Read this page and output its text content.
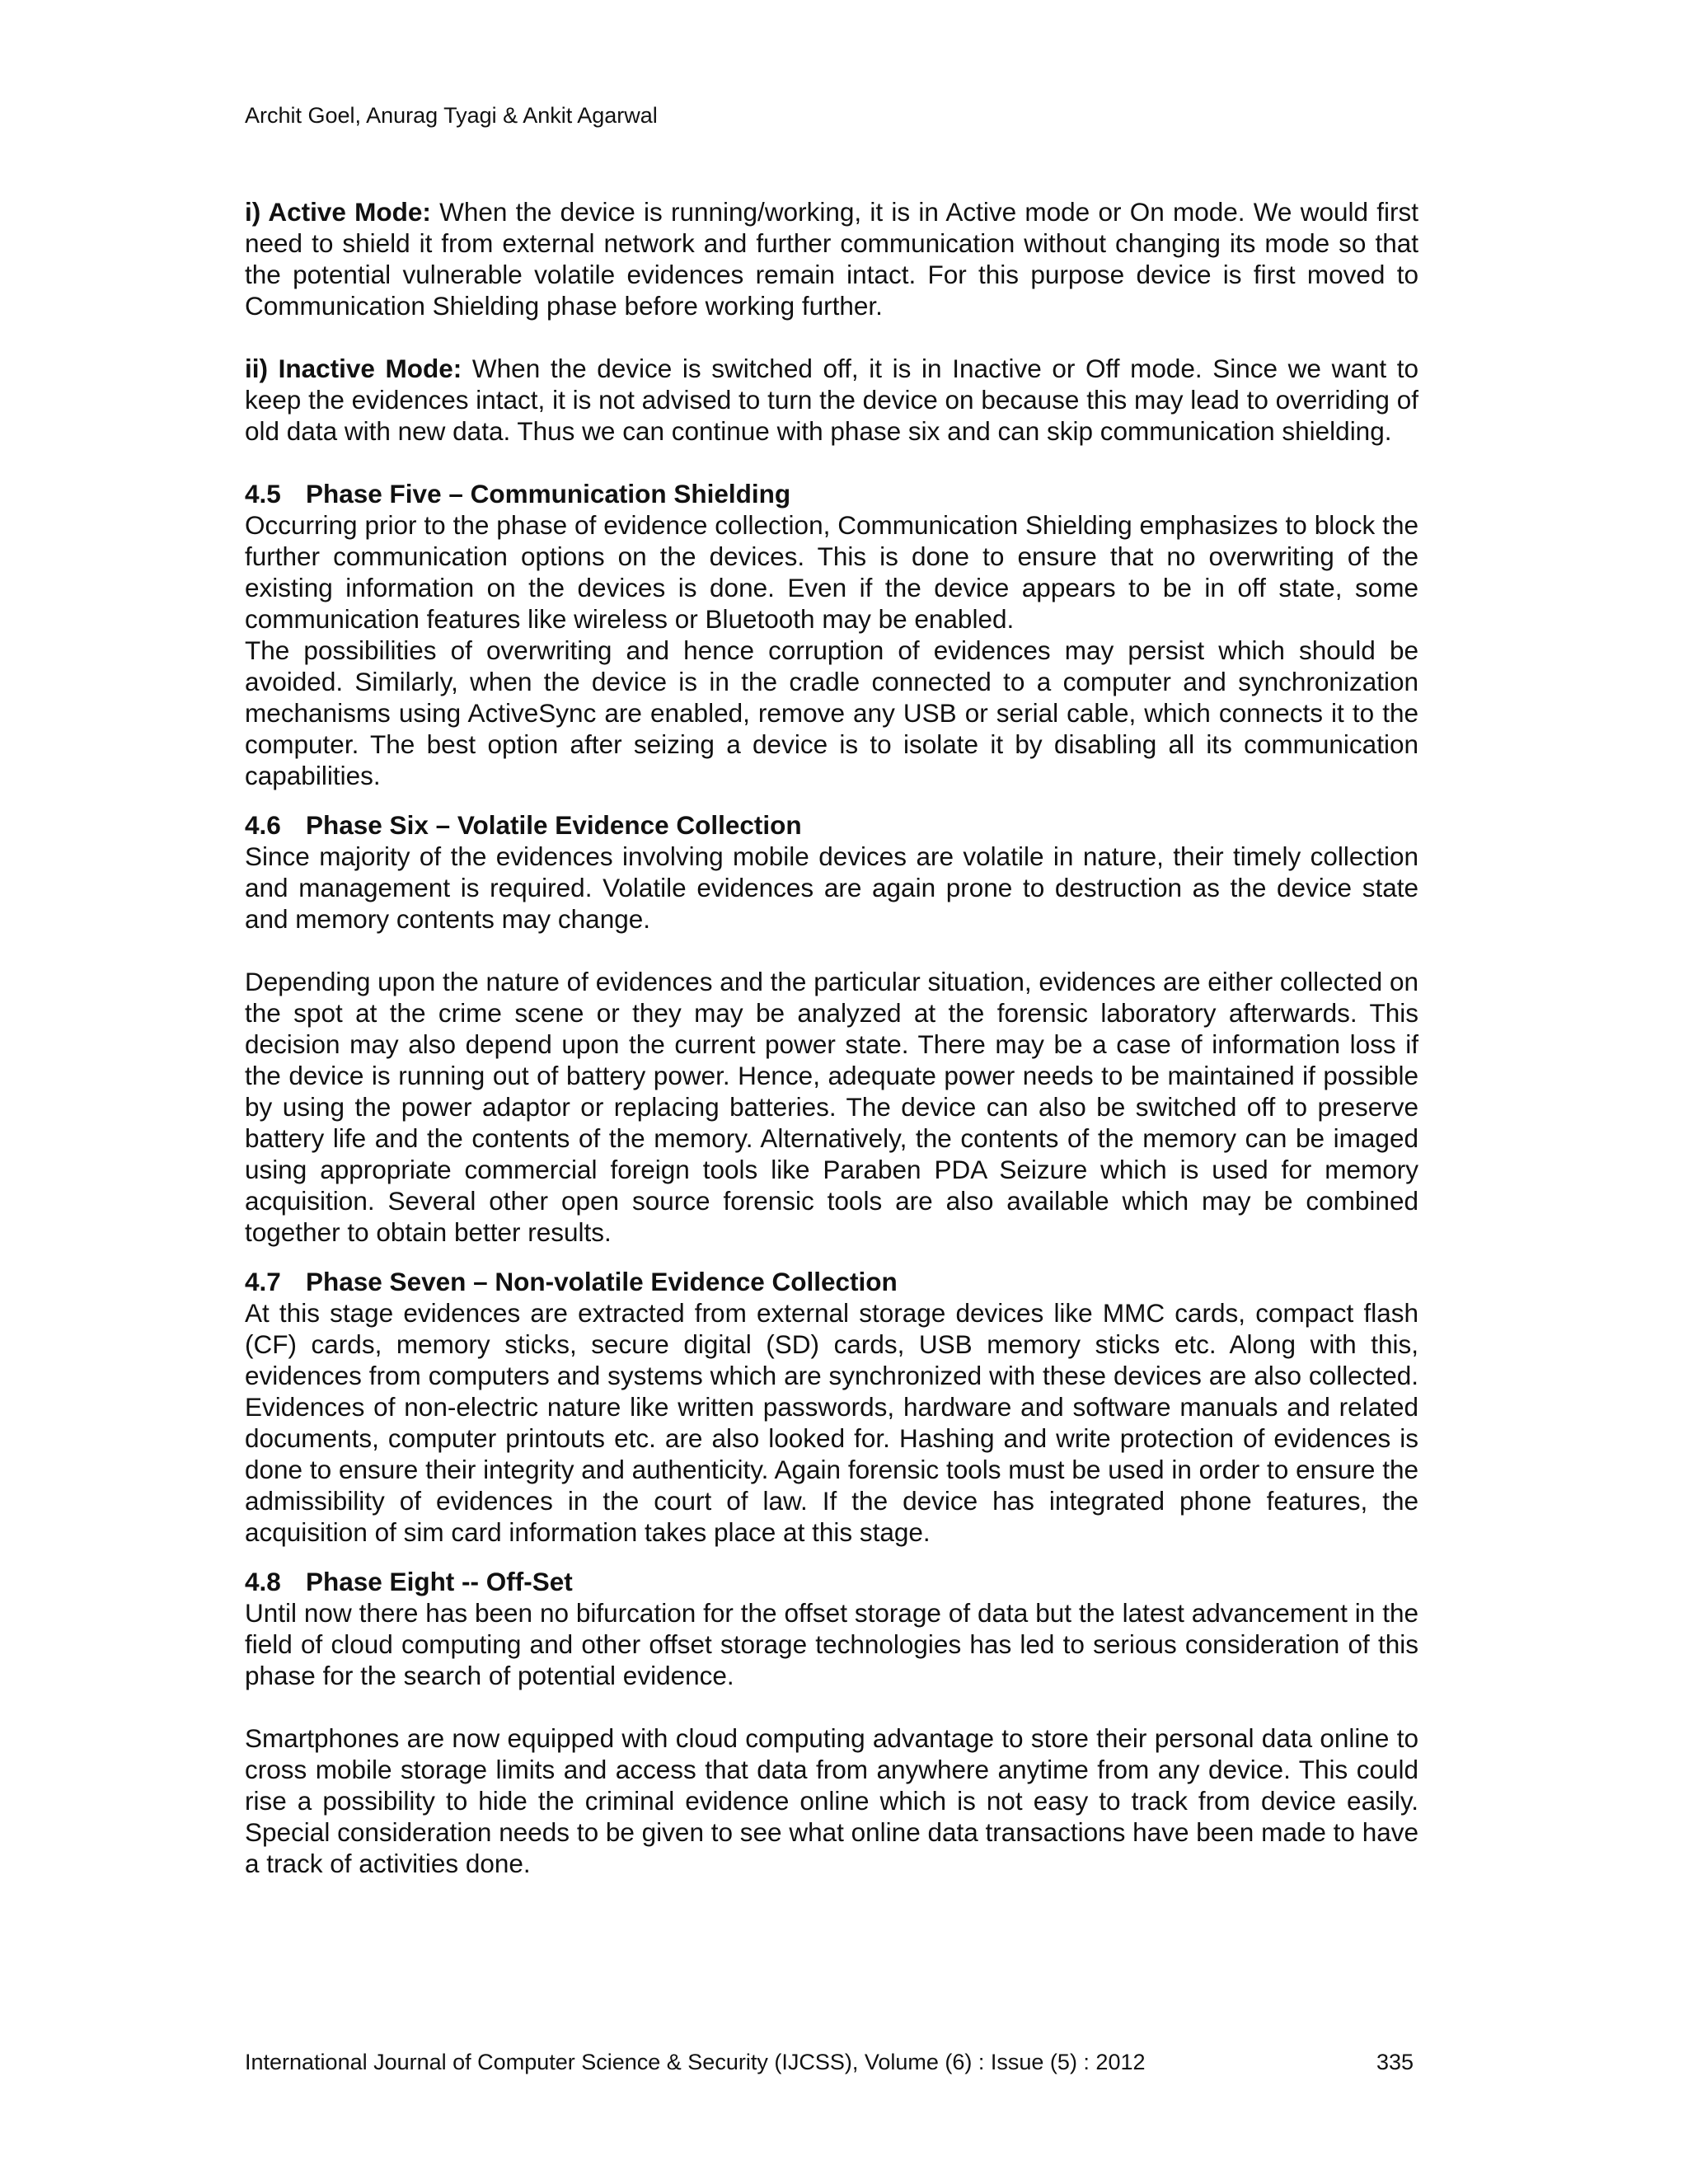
Archit Goel, Anurag Tyagi & Ankit Agarwal

i) Active Mode: When the device is running/working, it is in Active mode or On mode. We would first need to shield it from external network and further communication without changing its mode so that the potential vulnerable volatile evidences remain intact. For this purpose device is first moved to Communication Shielding phase before working further.

ii) Inactive Mode: When the device is switched off, it is in Inactive or Off mode. Since we want to keep the evidences intact, it is not advised to turn the device on because this may lead to overriding of old data with new data. Thus we can continue with phase six and can skip communication shielding.

4.5 Phase Five – Communication Shielding

Occurring prior to the phase of evidence collection, Communication Shielding emphasizes to block the further communication options on the devices. This is done to ensure that no overwriting of the existing information on the devices is done. Even if the device appears to be in off state, some communication features like wireless or Bluetooth may be enabled.

The possibilities of overwriting and hence corruption of evidences may persist which should be avoided. Similarly, when the device is in the cradle connected to a computer and synchronization mechanisms using ActiveSync are enabled, remove any USB or serial cable, which connects it to the computer. The best option after seizing a device is to isolate it by disabling all its communication capabilities.

4.6 Phase Six – Volatile Evidence Collection

Since majority of the evidences involving mobile devices are volatile in nature, their timely collection and management is required. Volatile evidences are again prone to destruction as the device state and memory contents may change.

Depending upon the nature of evidences and the particular situation, evidences are either collected on the spot at the crime scene or they may be analyzed at the forensic laboratory afterwards. This decision may also depend upon the current power state. There may be a case of information loss if the device is running out of battery power. Hence, adequate power needs to be maintained if possible by using the power adaptor or replacing batteries. The device can also be switched off to preserve battery life and the contents of the memory. Alternatively, the contents of the memory can be imaged using appropriate commercial foreign tools like Paraben PDA Seizure which is used for memory acquisition. Several other open source forensic tools are also available which may be combined together to obtain better results.

4.7 Phase Seven – Non-volatile Evidence Collection

At this stage evidences are extracted from external storage devices like MMC cards, compact flash (CF) cards, memory sticks, secure digital (SD) cards, USB memory sticks etc. Along with this, evidences from computers and systems which are synchronized with these devices are also collected. Evidences of non-electric nature like written passwords, hardware and software manuals and related documents, computer printouts etc. are also looked for. Hashing and write protection of evidences is done to ensure their integrity and authenticity. Again forensic tools must be used in order to ensure the admissibility of evidences in the court of law. If the device has integrated phone features, the acquisition of sim card information takes place at this stage.

4.8 Phase Eight -- Off-Set

Until now there has been no bifurcation for the offset storage of data but the latest advancement in the field of cloud computing and other offset storage technologies has led to serious consideration of this phase for the search of potential evidence.

Smartphones are now equipped with cloud computing advantage to store their personal data online to cross mobile storage limits and access that data from anywhere anytime from any device. This could rise a possibility to hide the criminal evidence online which is not easy to track from device easily. Special consideration needs to be given to see what online data transactions have been made to have a track of activities done.

International Journal of Computer Science & Security (IJCSS), Volume (6) : Issue (5) : 2012	335
